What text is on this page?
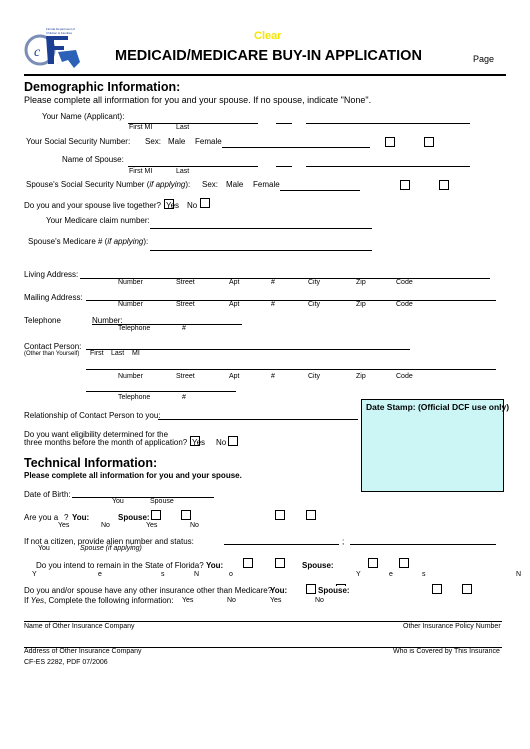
c
Florida Department of Children & Families	Clear
MEDICAID/MEDICARE BUY-IN APPLICATION	Page
Demographic Information:
Please complete all information for you and your spouse. If no spouse, indicate "None".
Your Name (Applicant):
First MI	Last
Your Social Security Number: Sex: Male Female
Name of Spouse:
First MI	Last
Spouse's Social Security Number (if applying): Sex: Male Female
Do you and your spouse live together? Yes No
Your Medicare claim number:
Spouse's Medicare # (if applying):
Living Address:
Number	Street	Apt	#	City	Zip	Code
Mailing Address:
Number	Street	Apt	#	City	Zip	Code
Telephone	Number:
Telephone	#
Contact Person:
(Other than Yourself) First Last MI
Number	Street	Apt	#	City	Zip	Code
Telephone	#
Date Stamp: (Official DCF use only)
Relationship of Contact Person to you:
Do you want eligibility determined for the
three months before the month of application? Yes No
Technical Information:
Please complete all information for you and your spouse.
Date of Birth:
You	Spouse
Are you a ? You:	Spouse:
Yes	No	Yes	No
If not a citizen, provide alien number and status:	;
You	Spouse (if applying)
Do you intend to remain in the State of Florida? You:	Spouse:
Y	e	s	N	o	Y	e	s	N
Do you and/or spouse have any other insurance other than Medicare?
You:	Spouse:
If Yes, Complete the following information: Yes	No	Yes	No
Name of Other Insurance Company	Other Insurance Policy Number
Address of Other Insurance Company	Who is Covered by This Insurance
CF-ES 2282, PDF 07/2006
